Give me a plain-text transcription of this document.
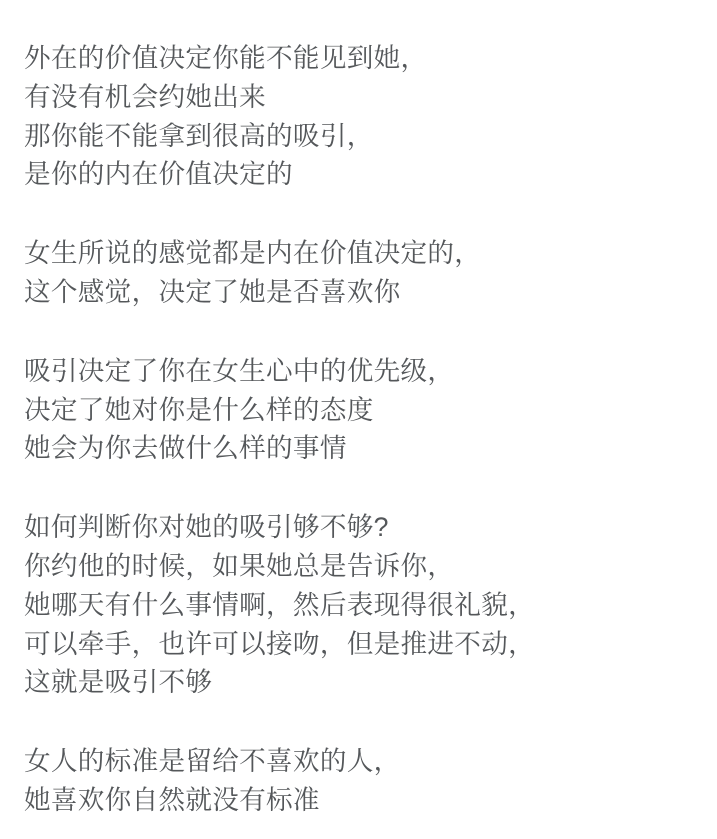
外在的价值决定你能不能见到她，
有没有机会约她出来
那你能不能拿到很高的吸引，
是你的内在价值决定的
女生所说的感觉都是内在价值决定的，
这个感觉，决定了她是否喜欢你
吸引决定了你在女生心中的优先级，
决定了她对你是什么样的态度
她会为你去做什么样的事情
如何判断你对她的吸引够不够?
你约他的时候，如果她总是告诉你，
她哪天有什么事情啊，然后表现得很礼貌，
可以牵手，也许可以接吻，但是推进不动，
这就是吸引不够
女人的标准是留给不喜欢的人，
她喜欢你自然就没有标准
